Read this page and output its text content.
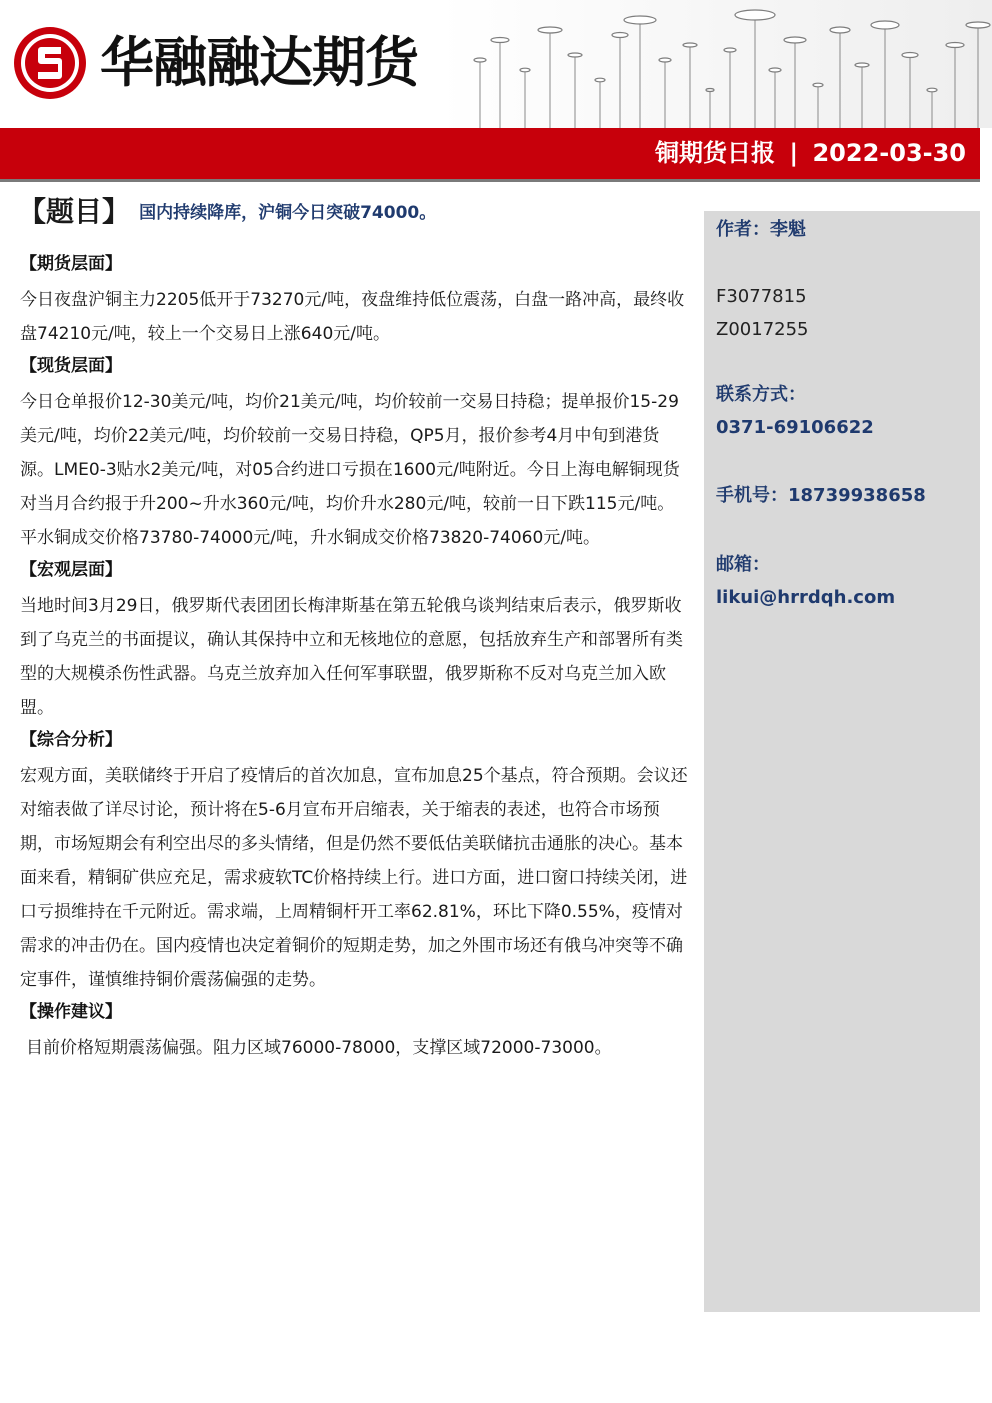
华融融达期货
铜期货日报 | 2022-03-30
【题目】 国内持续降库，沪铜今日突破74000。
【期货层面】

今日夜盘沪铜主力2205低开于73270元/吨，夜盘维持低位震荡，白盘一路冲高，最终收盘74210元/吨，较上一个交易日上涨640元/吨。

【现货层面】

今日仓单报价12-30美元/吨，均价21美元/吨，均价较前一交易日持稳；提单报价15-29美元/吨，均价22美元/吨，均价较前一交易日持稳，QP5月，报价参考4月中旬到港货源。LME0-3贴水2美元/吨，对05合约进口亏损在1600元/吨附近。今日上海电解铜现货对当月合约报于升200~升水360元/吨，均价升水280元/吨，较前一日下跌115元/吨。平水铜成交价格73780-74000元/吨，升水铜成交价格73820-74060元/吨。

【宏观层面】

当地时间3月29日，俄罗斯代表团团长梅津斯基在第五轮俄乌谈判结束后表示，俄罗斯收到了乌克兰的书面提议，确认其保持中立和无核地位的意愿，包括放弃生产和部署所有类型的大规模杀伤性武器。乌克兰放弃加入任何军事联盟，俄罗斯称不反对乌克兰加入欧盟。

【综合分析】

宏观方面，美联储终于开启了疫情后的首次加息，宣布加息25个基点，符合预期。会议还对缩表做了详尽讨论，预计将在5-6月宣布开启缩表，关于缩表的表述，也符合市场预期，市场短期会有利空出尽的多头情绪，但是仍然不要低估美联储抗击通胀的决心。基本面来看，精铜矿供应充足，需求疲软TC价格持续上行。进口方面，进口窗口持续关闭，进口亏损维持在千元附近。需求端，上周精铜杆开工率62.81%，环比下降0.55%，疫情对需求的冲击仍在。国内疫情也决定着铜价的短期走势，加之外围市场还有俄乌冲突等不确定事件，谨慎维持铜价震荡偏强的走势。

【操作建议】

目前价格短期震荡偏强。阻力区域76000-78000，支撑区域72000-73000。

作者：李魁
F3077815
Z0017255
联系方式：
0371-69106622
手机号：18739938658
邮箱：
likui@hrrdqh.com
